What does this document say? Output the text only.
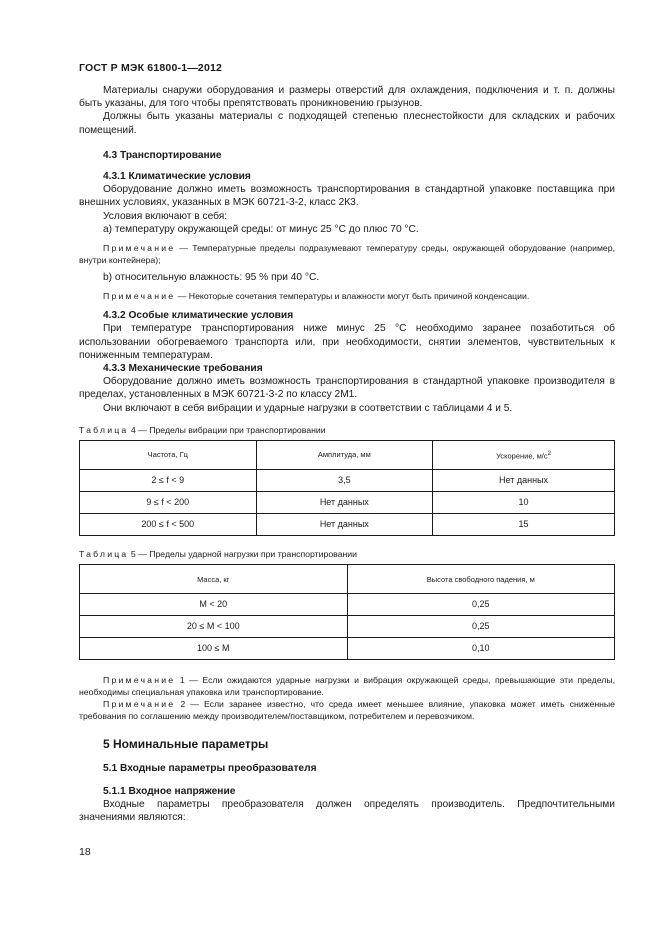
ГОСТ Р МЭК 61800-1—2012

Материалы снаружи оборудования и размеры отверстий для охлаждения, подключения и т. п. должны быть указаны, для того чтобы препятствовать проникновению грызунов.

Должны быть указаны материалы с подходящей степенью плеснестойкости для складских и рабочих помещений.

4.3 Транспортирование

4.3.1 Климатические условия

Оборудование должно иметь возможность транспортирования в стандартной упаковке поставщика при внешних условиях, указанных в МЭК 60721-3-2, класс 2К3.

Условия включают в себя:

a) температуру окружающей среды: от минус 25 °С до плюс 70 °С.

Примечание — Температурные пределы подразумевают температуру среды, окружающей оборудование (например, внутри контейнера);

b) относительную влажность: 95 % при 40 °С.

Примечание — Некоторые сочетания температуры и влажности могут быть причиной конденсации.

4.3.2 Особые климатические условия

При температуре транспортирования ниже минус 25 °С необходимо заранее позаботиться об использовании обогреваемого транспорта или, при необходимости, снятии элементов, чувствительных к пониженным температурам.

4.3.3 Механические требования

Оборудование должно иметь возможность транспортирования в стандартной упаковке производителя в пределах, установленных в МЭК 60721-3-2 по классу 2М1.

Они включают в себя вибрации и ударные нагрузки в соответствии с таблицами 4 и 5.

Таблица 4 — Пределы вибрации при транспортировании
Частота, Гц	Амплитуда, мм	Ускорение, $м/с^2$
2 ≤ f < 9	3,5	Нет данных
9 ≤ f < 200	Нет данных	10
200 ≤ f < 500	Нет данных	15
Таблица 5 — Пределы ударной нагрузки при транспортировании
Масса, кг	Высота свободного падения, м
M < 20	0,25
20 ≤ M < 100	0,25
100 ≤ M	0,10

Примечание 1 — Если ожидаются ударные нагрузки и вибрация окружающей среды, превышающие эти пределы, необходимы специальная упаковка или транспортирование.

Примечание 2 — Если заранее известно, что среда имеет меньшее влияние, упаковка может иметь сниженные требования по соглашению между производителем/поставщиком, потребителем и перевозчиком.

5 Номинальные параметры

5.1 Входные параметры преобразователя

5.1.1 Входное напряжение

Входные параметры преобразователя должен определять производитель. Предпочтительными значениями являются:

18
